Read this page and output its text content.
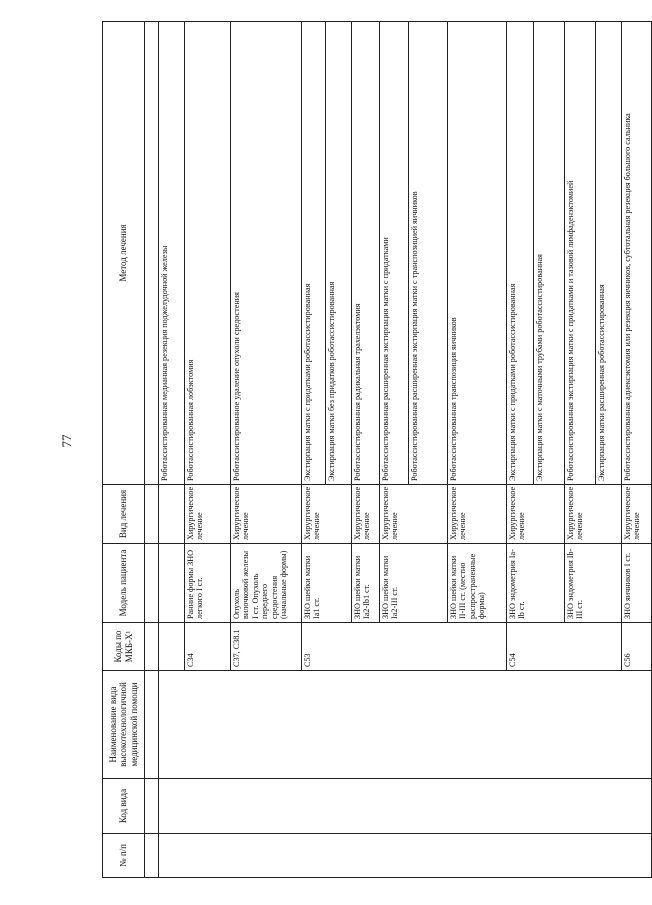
77
№ п/п	Код вида	Наименование вида высокотехнологичной медицинской помощи	Коды по МКБ-X¹	Модель пациента	Вид лечения	Метод лечения

						Роботассистированная медианная резекция поджелудочной железы
			C34	Ранние формы ЗНО легкого I ст.	Хирургическое лечение	Роботассистированная лобэктомия
			C37, C38.1	Опухоль вилочковой железы I ст. Опухоль переднего средостения (начальные формы)	Хирургическое лечение	Роботассистированное удаление опухоли средостения
			C53	ЗНО шейки матки Ia1 ст.	Хирургическое лечение	Экстирпация матки с придатками роботассистированная
						Экстирпация матки без придатков роботассистированная
				ЗНО шейки матки Ia2-Ib1 ст.	Хирургическое лечение	Роботассистированная радикальная трахелэктомия
				ЗНО шейки матки Ia2-III ст.	Хирургическое лечение	Роботассистированная расширенная экстирпация матки с придатками
						Роботассистированная расширенная экстирпация матки с транспозицией яичников
				ЗНО шейки матки II-III ст. (местно распространенные формы)	Хирургическое лечение	Роботассистированная транспозиция яичников
			C54	ЗНО эндометрия Ia-Ib ст.	Хирургическое лечение	Экстирпация матки с придатками роботассистированная
						Экстирпация матки с маточными трубами роботассистированная
				ЗНО эндометрия Ib-III ст.	Хирургическое лечение	Роботассистированная экстирпация матки с придатками и тазовой лимфаденэктомией
						Экстирпация матки расширенная роботассистированная
			C56	ЗНО яичников I ст.	Хирургическое лечение	Роботассистированная аднексэктомия или резекция яичников, субтотальная резекция большого сальника
